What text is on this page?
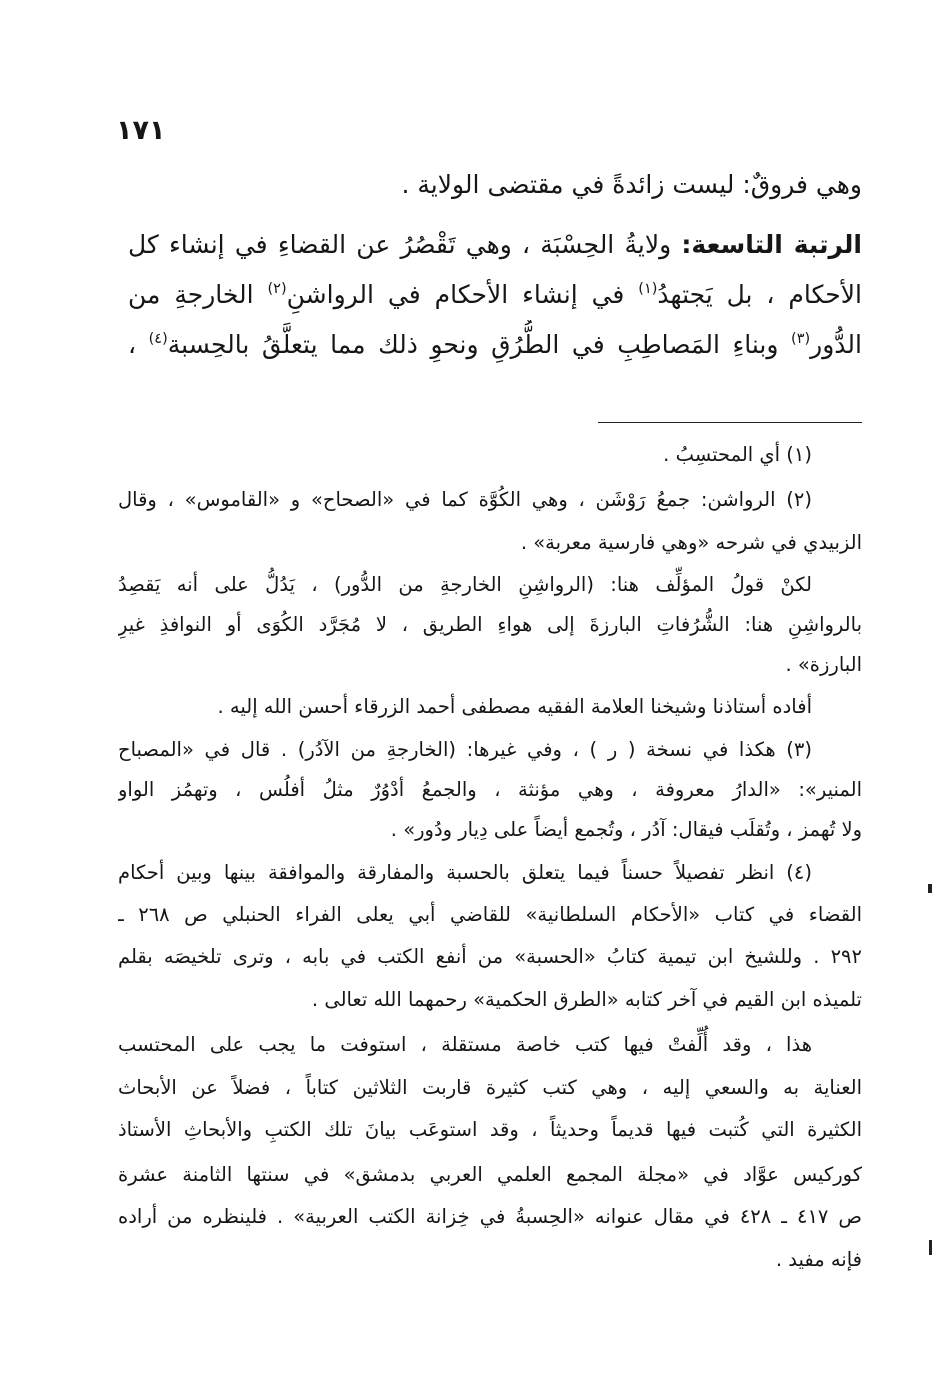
١٧١
وهي فروقٌ: ليست زائدةً في مقتضى الولاية .
الرتبة التاسعة: ولايةُ الحِسْبَة ، وهي تَقْصُرُ عن القضاءِ في إنشاء كل
الأحكام ، بل يَجتهدُ$^{(١)}$ في إنشاء الأحكام في الرواشنِ$^{(٢)}$ الخارجةِ من
الدُّور$^{(٣)}$ وبناءِ المَصاطِبِ في الطُّرُقِ ونحوِ ذلك مما يتعلَّقُ بالحِسبة$^{(٤)}$ ،
(١) أي المحتسِبُ .
(٢) الرواشن: جمعُ رَوْشَن ، وهي الكُوَّة كما في «الصحاح» و «القاموس» ، وقال
الزبيدي في شرحه «وهي فارسية معربة» .
لكنْ قولُ المؤلِّف هنا: (الرواشِنِ الخارجةِ من الدُّور) ، يَدُلُّ على أنه يَقصِدُ
بالرواشِنِ هنا: الشُّرُفاتِ البارزةَ إلى هواءِ الطريق ، لا مُجَرَّد الكُوَى أو النوافذِ غيرِ
البارزة» .
أفاده أستاذنا وشيخنا العلامة الفقيه مصطفى أحمد الزرقاء أحسن الله إليه .
(٣) هكذا في نسخة ( ر ) ، وفي غيرها: (الخارجةِ من الآدُر) . قال في «المصباح
المنير»: «الدارُ معروفة ، وهي مؤنثة ، والجمعُ أدْوُرٌ مثلُ أفلُس ، وتهمُز الواو
ولا تُهمز ، وتُقلَب فيقال: آدُر ، وتُجمع أيضاً على دِيار ودُور» .
(٤) انظر تفصيلاً حسناً فيما يتعلق بالحسبة والمفارقة والموافقة بينها وبين أحكام
القضاء في كتاب «الأحكام السلطانية» للقاضي أبي يعلى الفراء الحنبلي ص ٢٦٨ ـ
٢٩٢ . وللشيخ ابن تيمية كتابُ «الحسبة» من أنفع الكتب في بابه ، وترى تلخيصَه بقلم
تلميذه ابن القيم في آخر كتابه «الطرق الحكمية» رحمهما الله تعالى .
هذا ، وقد أُلِّفتْ فيها كتب خاصة مستقلة ، استوفت ما يجب على المحتسب
العناية به والسعي إليه ، وهي كتب كثيرة قاربت الثلاثين كتاباً ، فضلاً عن الأبحاث
الكثيرة التي كُتبت فيها قديماً وحديثاً ، وقد استوعَب بيانَ تلك الكتبِ والأبحاثِ الأستاذ
كوركيس عوَّاد في «مجلة المجمع العلمي العربي بدمشق» في سنتها الثامنة عشرة
ص ٤١٧ ـ ٤٢٨ في مقال عنوانه «الحِسبةُ في خِزانة الكتب العربية» . فلينظره من أراده
فإنه مفيد .
